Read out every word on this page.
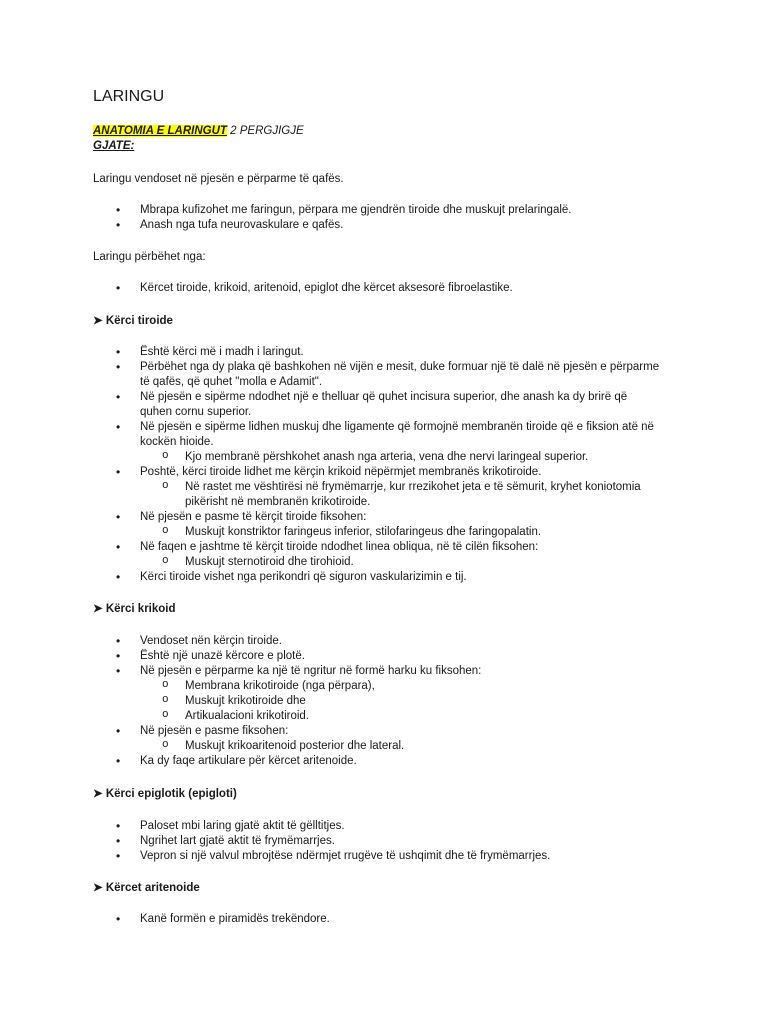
LARINGU
ANATOMIA E LARINGUT 2 PERGJIGJE
GJATE:
Laringu vendoset në pjesën e përparme të qafës.
• Mbrapa kufizohet me faringun, përpara me gjendrën tiroide dhe muskujt prelaringalë.
• Anash nga tufa neurovaskulare e qafës.
Laringu përbëhet nga:
• Kërcet tiroide, krikoid, aritenoid, epiglot dhe kërcet aksesorë fibroelastike.
➤ Kërci tiroide
• Është kërci më i madh i laringut.
• Përbëhet nga dy plaka që bashkohen në vijën e mesit, duke formuar një të dalë në pjesën e përparme
të qafës, që quhet "molla e Adamit".
• Në pjesën e sipërme ndodhet një e thelluar që quhet incisura superior, dhe anash ka dy brirë që
quhen cornu superior.
• Në pjesën e sipërme lidhen muskuj dhe ligamente që formojnë membranën tiroide që e fiksion atë në
kockën hioide.
o Kjo membranë përshkohet anash nga arteria, vena dhe nervi laringeal superior.
• Poshtë, kërci tiroide lidhet me kërçin krikoid nëpërmjet membranës krikotiroide.
o Në rastet me vështirësi në frymëmarrje, kur rrezikohet jeta e të sëmurit, kryhet koniotomia
pikërisht në membranën krikotiroide.
• Në pjesën e pasme të kërçit tiroide fiksohen:
o Muskujt konstriktor faringeus inferior, stilofaringeus dhe faringopalatin.
• Në faqen e jashtme të kërçit tiroide ndodhet linea obliqua, në të cilën fiksohen:
o Muskujt sternotiroid dhe tirohioid.
• Kërci tiroide vishet nga perikondri që siguron vaskularizimin e tij.
➤ Kërci krikoid
• Vendoset nën kërçin tiroide.
• Është një unazë kërcore e plotë.
• Në pjesën e përparme ka një të ngritur në formë harku ku fiksohen:
o Membrana krikotiroide (nga përpara),
o Muskujt krikotiroide dhe
o Artikualacioni krikotiroid.
• Në pjesën e pasme fiksohen:
o Muskujt krikoaritenoid posterior dhe lateral.
• Ka dy faqe artikulare për kërcet aritenoide.
➤ Kërci epiglotik (epigloti)
• Paloset mbi laring gjatë aktit të gëlltitjes.
• Ngrihet lart gjatë aktit të frymëmarrjes.
• Vepron si një valvul mbrojtëse ndërmjet rrugëve të ushqimit dhe të frymëmarrjes.
➤ Kërcet aritenoide
• Kanë formën e piramidës trekëndore.
